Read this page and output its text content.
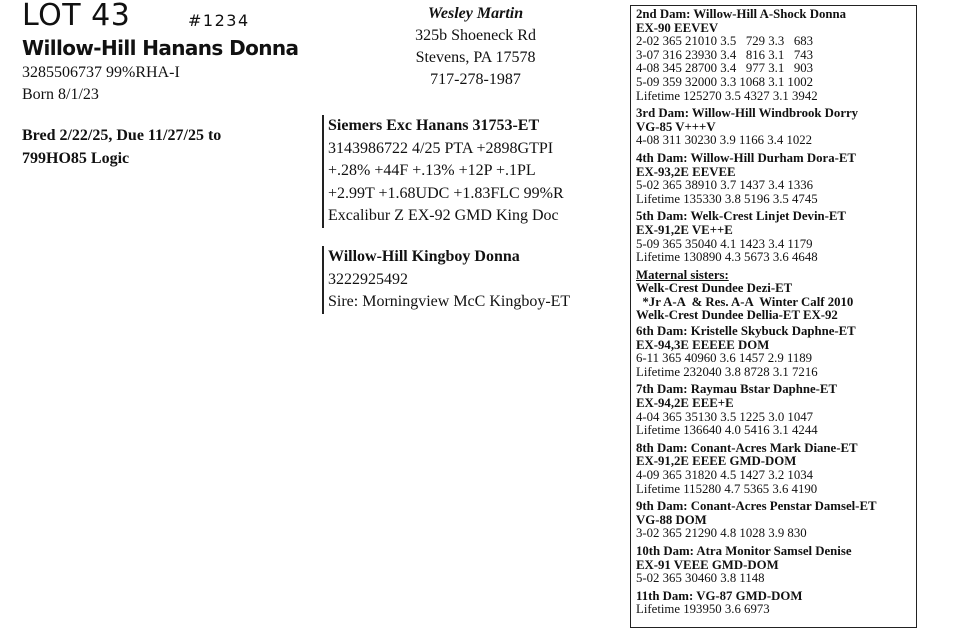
LOT 43	#1234
Willow-Hill Hanans Donna
3285506737 99%RHA-I
Born 8/1/23
Bred 2/22/25, Due 11/27/25 to
799HO85 Logic
Wesley Martin
325b Shoeneck Rd
Stevens, PA 17578
717-278-1987
Siemers Exc Hanans 31753-ET
3143986722 4/25 PTA +2898GTPI
+.28% +44F +.13% +12P +.1PL
+2.99T +1.68UDC +1.83FLC 99%R
Excalibur Z EX-92 GMD King Doc
Willow-Hill Kingboy Donna
3222925492
Sire: Morningview McC Kingboy-ET
2nd Dam: Willow-Hill A-Shock Donna
EX-90 EEVEV
2-02 365 21010 3.5   729 3.3   683
3-07 316 23930 3.4   816 3.1   743
4-08 345 28700 3.4   977 3.1   903
5-09 359 32000 3.3 1068 3.1 1002
Lifetime 125270 3.5 4327 3.1 3942
3rd Dam: Willow-Hill Windbrook Dorry
VG-85 V+++V
4-08 311 30230 3.9 1166 3.4 1022
4th Dam: Willow-Hill Durham Dora-ET
EX-93,2E EEVEE
5-02 365 38910 3.7 1437 3.4 1336
Lifetime 135330 3.8 5196 3.5 4745
5th Dam: Welk-Crest Linjet Devin-ET
EX-91,2E VE++E
5-09 365 35040 4.1 1423 3.4 1179
Lifetime 130890 4.3 5673 3.6 4648
Maternal sisters:
Welk-Crest Dundee Dezi-ET
*Jr A-A  & Res. A-A  Winter Calf 2010
Welk-Crest Dundee Dellia-ET EX-92
6th Dam: Kristelle Skybuck Daphne-ET
EX-94,3E EEEEE DOM
6-11 365 40960 3.6 1457 2.9 1189
Lifetime 232040 3.8 8728 3.1 7216
7th Dam: Raymau Bstar Daphne-ET
EX-94,2E EEE+E
4-04 365 35130 3.5 1225 3.0 1047
Lifetime 136640 4.0 5416 3.1 4244
8th Dam: Conant-Acres Mark Diane-ET
EX-91,2E EEEE GMD-DOM
4-09 365 31820 4.5 1427 3.2 1034
Lifetime 115280 4.7 5365 3.6 4190
9th Dam: Conant-Acres Penstar Damsel-ET
VG-88 DOM
3-02 365 21290 4.8 1028 3.9 830
10th Dam: Atra Monitor Samsel Denise
EX-91 VEEE GMD-DOM
5-02 365 30460 3.8 1148
11th Dam: VG-87 GMD-DOM
Lifetime 193950 3.6 6973
